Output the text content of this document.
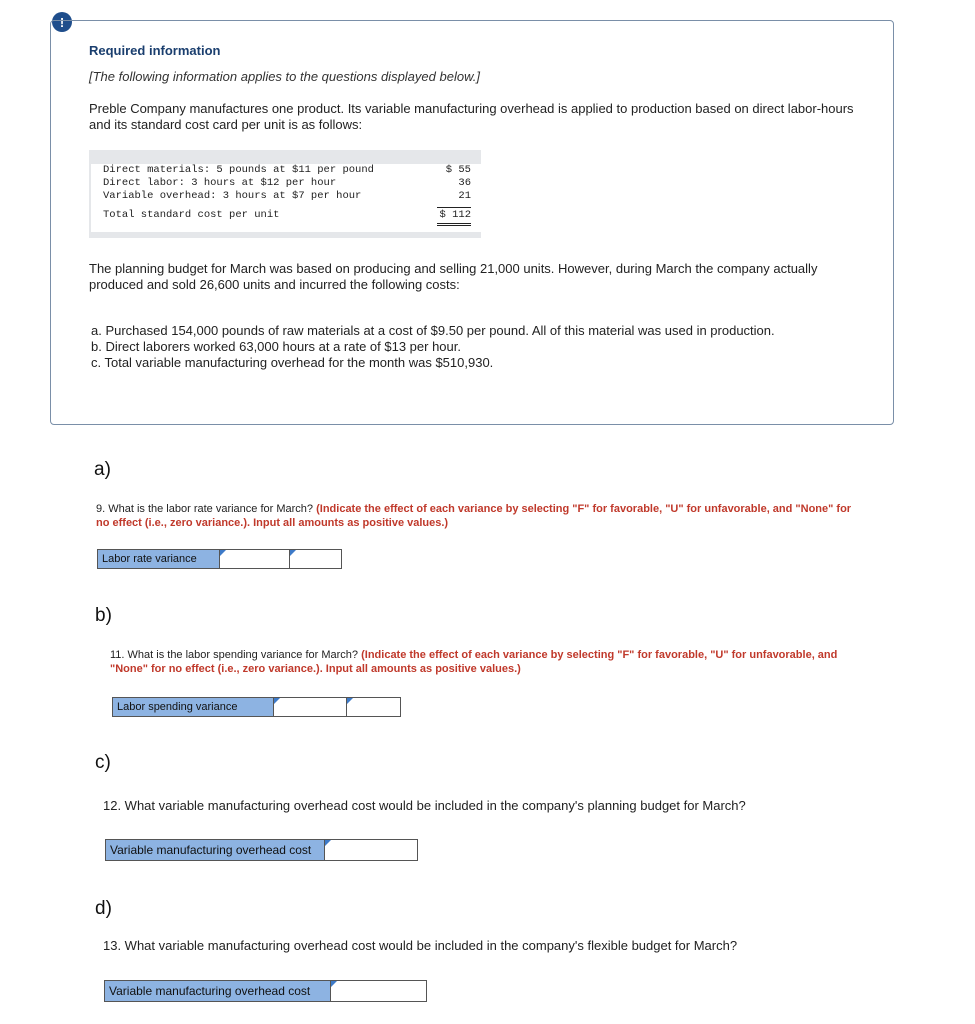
!
Required information
[The following information applies to the questions displayed below.]
Preble Company manufactures one product. Its variable manufacturing overhead is applied to production based on direct labor-hours and its standard cost card per unit is as follows:
Direct materials: 5 pounds at $11 per pound	$ 55
Direct labor: 3 hours at $12 per hour	36
Variable overhead: 3 hours at $7 per hour	21
Total standard cost per unit	$ 112
The planning budget for March was based on producing and selling 21,000 units. However, during March the company actually produced and sold 26,600 units and incurred the following costs:
a. Purchased 154,000 pounds of raw materials at a cost of $9.50 per pound. All of this material was used in production.
b. Direct laborers worked 63,000 hours at a rate of $13 per hour.
c. Total variable manufacturing overhead for the month was $510,930.
a)
9. What is the labor rate variance for March? (Indicate the effect of each variance by selecting "F" for favorable, "U" for unfavorable, and "None" for no effect (i.e., zero variance.). Input all amounts as positive values.)
Labor rate variance
b)
11. What is the labor spending variance for March? (Indicate the effect of each variance by selecting "F" for favorable, "U" for unfavorable, and "None" for no effect (i.e., zero variance.). Input all amounts as positive values.)
Labor spending variance
c)
12. What variable manufacturing overhead cost would be included in the company's planning budget for March?
Variable manufacturing overhead cost
d)
13. What variable manufacturing overhead cost would be included in the company's flexible budget for March?
Variable manufacturing overhead cost
